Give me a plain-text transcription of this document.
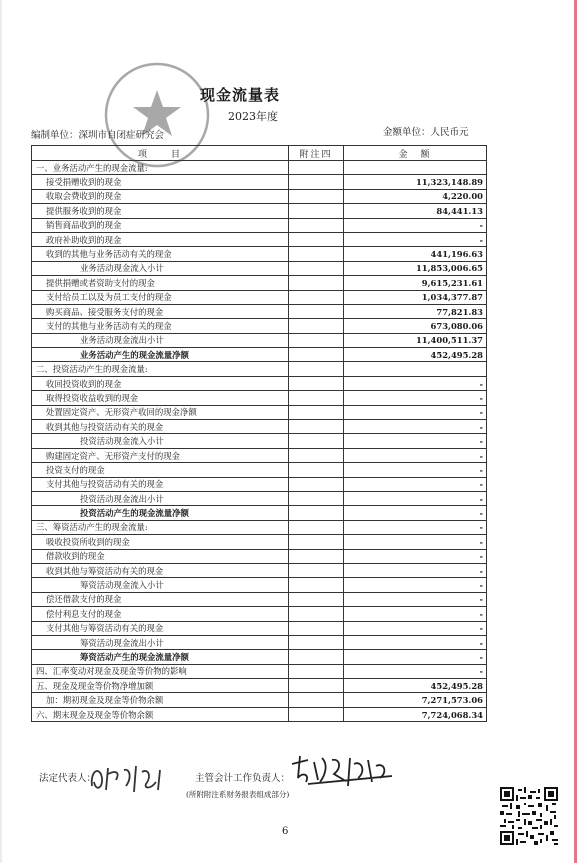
现金流量表
2023年度
编制单位：深圳市自闭症研究会	金额单位：人民币元
项　　目	附注四	金　额
一、业务活动产生的现金流量:		
接受捐赠收到的现金		11,323,148.89
收取会费收到的现金		4,220.00
提供服务收到的现金		84,441.13
销售商品收到的现金		-
政府补助收到的现金		-
收到的其他与业务活动有关的现金		441,196.63
业务活动现金流入小计		11,853,006.65
提供捐赠或者资助支付的现金		9,615,231.61
支付给员工以及为员工支付的现金		1,034,377.87
购买商品、接受服务支付的现金		77,821.83
支付的其他与业务活动有关的现金		673,080.06
业务活动现金流出小计		11,400,511.37
业务活动产生的现金流量净额		452,495.28
二、投资活动产生的现金流量:		
收回投资收到的现金		-
取得投资收益收到的现金		-
处置固定资产、无形资产收回的现金净额		-
收到其他与投资活动有关的现金		-
投资活动现金流入小计		-
购建固定资产、无形资产支付的现金		-
投资支付的现金		-
支付其他与投资活动有关的现金		-
投资活动现金流出小计		-
投资活动产生的现金流量净额		-
三、筹资活动产生的现金流量:		-
吸收投资所收到的现金		-
借款收到的现金		-
收到其他与筹资活动有关的现金		-
筹资活动现金流入小计		-
偿还借款支付的现金		-
偿付利息支付的现金		-
支付其他与筹资活动有关的现金		-
筹资活动现金流出小计		-
筹资活动产生的现金流量净额		-
四、汇率变动对现金及现金等价物的影响		-
五、现金及现金等价物净增加额		452,495.28
加：期初现金及现金等价物余额		7,271,573.06
六、期末现金及现金等价物余额		7,724,068.34
法定代表人：	主管会计工作负责人：
(所附附注系财务报表组成部分)
6
